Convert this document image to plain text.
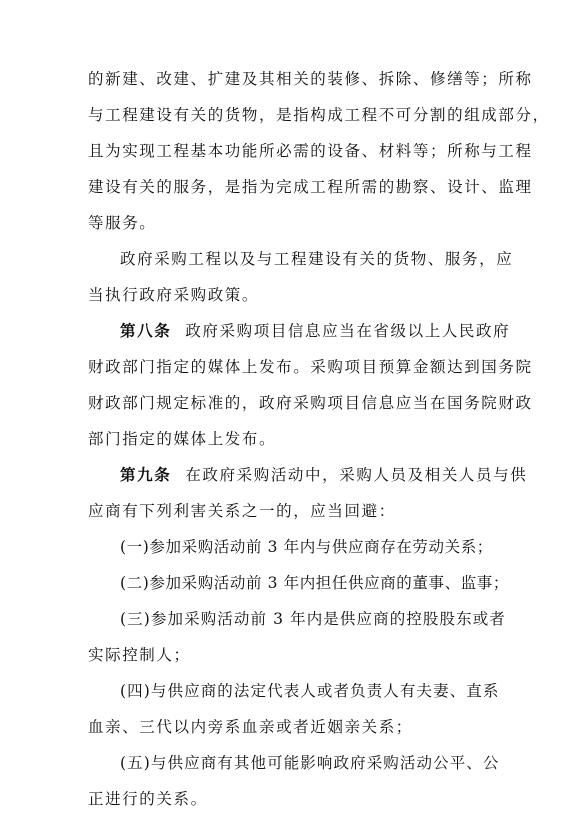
的新建、改建、扩建及其相关的装修、拆除、修缮等；所称
与工程建设有关的货物，是指构成工程不可分割的组成部分，
且为实现工程基本功能所必需的设备、材料等；所称与工程
建设有关的服务，是指为完成工程所需的勘察、设计、监理
等服务。
政府采购工程以及与工程建设有关的货物、服务，应
当执行政府采购政策。
第八条 政府采购项目信息应当在省级以上人民政府
财政部门指定的媒体上发布。采购项目预算金额达到国务院
财政部门规定标准的，政府采购项目信息应当在国务院财政
部门指定的媒体上发布。
第九条 在政府采购活动中，采购人员及相关人员与供
应商有下列利害关系之一的，应当回避：
(一)参加采购活动前 3 年内与供应商存在劳动关系；
(二)参加采购活动前 3 年内担任供应商的董事、监事；
(三)参加采购活动前 3 年内是供应商的控股股东或者
实际控制人；
(四)与供应商的法定代表人或者负责人有夫妻、直系
血亲、三代以内旁系血亲或者近姻亲关系；
(五)与供应商有其他可能影响政府采购活动公平、公
正进行的关系。
